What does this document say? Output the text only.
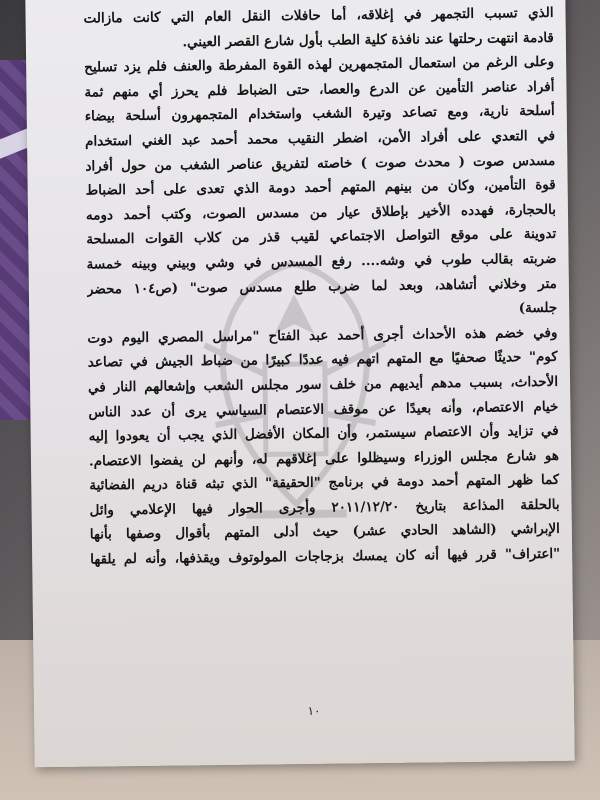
الذي تسبب التجمهر في إغلاقه، أما حافلات النقل العام التي كانت مازالت
قادمة انتهت رحلتها عند نافذة كلية الطب بأول شارع القصر العيني.
وعلى الرغم من استعمال المتجمهرين لهذه القوة المفرطة والعنف فلم يزد تسليح
أفراد عناصر التأمين عن الدرع والعصا، حتى الضباط فلم يحرز أي منهم ثمة
أسلحة نارية، ومع تصاعد وتيرة الشغب واستخدام المتجمهرون أسلحة بيضاء
في التعدي على أفراد الأمن، اضطر النقيب محمد أحمد عبد الغني استخدام
مسدس صوت ( محدث صوت ) خاصته لتفريق عناصر الشغب من حول أفراد
قوة التأمين، وكان من بينهم المتهم أحمد دومة الذي تعدى على أحد الضباط
بالحجارة، فهدده الأخير بإطلاق عيار من مسدس الصوت، وكتب أحمد دومه
تدوينة على موقع التواصل الاجتماعي لقيب قذر من كلاب القوات المسلحة
ضربته بقالب طوب في وشه.... رفع المسدس في وشي وبيني وبينه خمسة
متر وخلاني أتشاهد، وبعد لما ضرب طلع مسدس صوت" (ص١٠٤ محضر
جلسة)
وفي خضم هذه الأحداث أجرى أحمد عبد الفتاح "مراسل المصري اليوم دوت
كوم" حديثًا صحفيًا مع المتهم اتهم فيه عددًا كبيرًا من ضباط الجيش في تصاعد
الأحداث، بسبب مدهم أيديهم من خلف سور مجلس الشعب وإشعالهم النار في
خيام الاعتصام، وأنه بعيدًا عن موقف الاعتصام السياسي يرى أن عدد الناس
في تزايد وأن الاعتصام سيستمر، وأن المكان الأفضل الذي يجب أن يعودوا إليه
هو شارع مجلس الوزراء وسيظلوا على إغلاقهم له، وأنهم لن يفضوا الاعتصام.
كما ظهر المتهم أحمد دومة في برنامج "الحقيقة" الذي تبثه قناة دريم الفضائية
بالحلقة المذاعة بتاريخ ٢٠١١/١٢/٢٠ وأجرى الحوار فيها الإعلامي وائل
الإبراشي (الشاهد الحادي عشر) حيث أدلى المتهم بأقوال وصفها بأنها
"اعتراف" قرر فيها أنه كان يمسك بزجاجات المولوتوف ويقذفها، وأنه لم يلقها
١٠
